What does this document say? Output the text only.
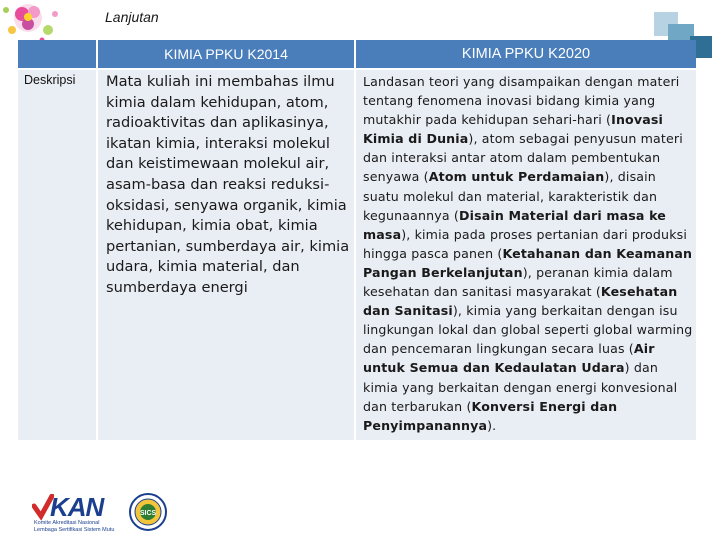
Lanjutan
KIMIA PPKU K2014	KIMIA PPKU K2020
Deskripsi Mata kuliah ini membahas ilmu kimia dalam kehidupan, atom, radioaktivitas dan aplikasinya, ikatan kimia, interaksi molekul dan keistimewaan molekul air, asam-basa dan reaksi reduksi-oksidasi, senyawa organik, kimia kehidupan, kimia obat, kimia pertanian, sumberdaya air, kimia udara, kimia material, dan sumberdaya energi
Landasan teori yang disampaikan dengan materi tentang fenomena inovasi bidang kimia yang mutakhir pada kehidupan sehari-hari (Inovasi Kimia di Dunia), atom sebagai penyusun materi dan interaksi antar atom dalam pembentukan senyawa (Atom untuk Perdamaian), disain suatu molekul dan material, karakteristik dan kegunaannya (Disain Material dari masa ke masa), kimia pada proses pertanian dari produksi hingga pasca panen (Ketahanan dan Keamanan Pangan Berkelanjutan), peranan kimia dalam kesehatan dan sanitasi masyarakat (Kesehatan dan Sanitasi), kimia yang berkaitan dengan isu lingkungan lokal dan global seperti global warming dan pencemaran lingkungan secara luas (Air untuk Semua dan Kedaulatan Udara) dan kimia yang berkaitan dengan energi konvesional dan terbarukan (Konversi Energi dan Penyimpanannya).
KAN
Komite Akreditasi Nasional
Lembaga Sertifikasi Sistem Mutu
SICS
